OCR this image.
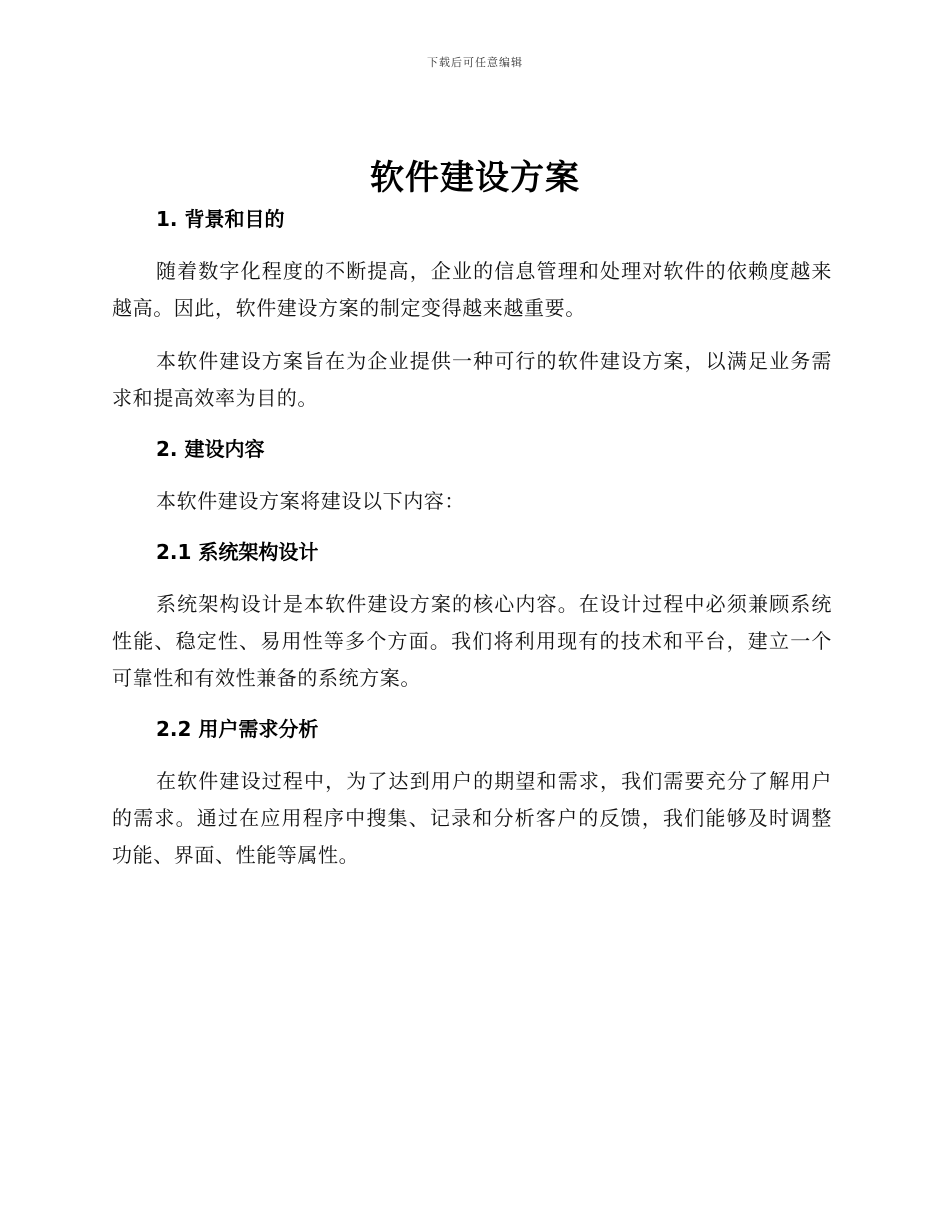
下载后可任意编辑
软件建设方案
1. 背景和目的

随着数字化程度的不断提高，企业的信息管理和处理对软件的依赖度越来越高。因此，软件建设方案的制定变得越来越重要。

本软件建设方案旨在为企业提供一种可行的软件建设方案，以满足业务需求和提高效率为目的。

2. 建设内容

本软件建设方案将建设以下内容：

2.1 系统架构设计

系统架构设计是本软件建设方案的核心内容。在设计过程中必须兼顾系统性能、稳定性、易用性等多个方面。我们将利用现有的技术和平台，建立一个可靠性和有效性兼备的系统方案。

2.2 用户需求分析

在软件建设过程中，为了达到用户的期望和需求，我们需要充分了解用户的需求。通过在应用程序中搜集、记录和分析客户的反馈，我们能够及时调整功能、界面、性能等属性。
